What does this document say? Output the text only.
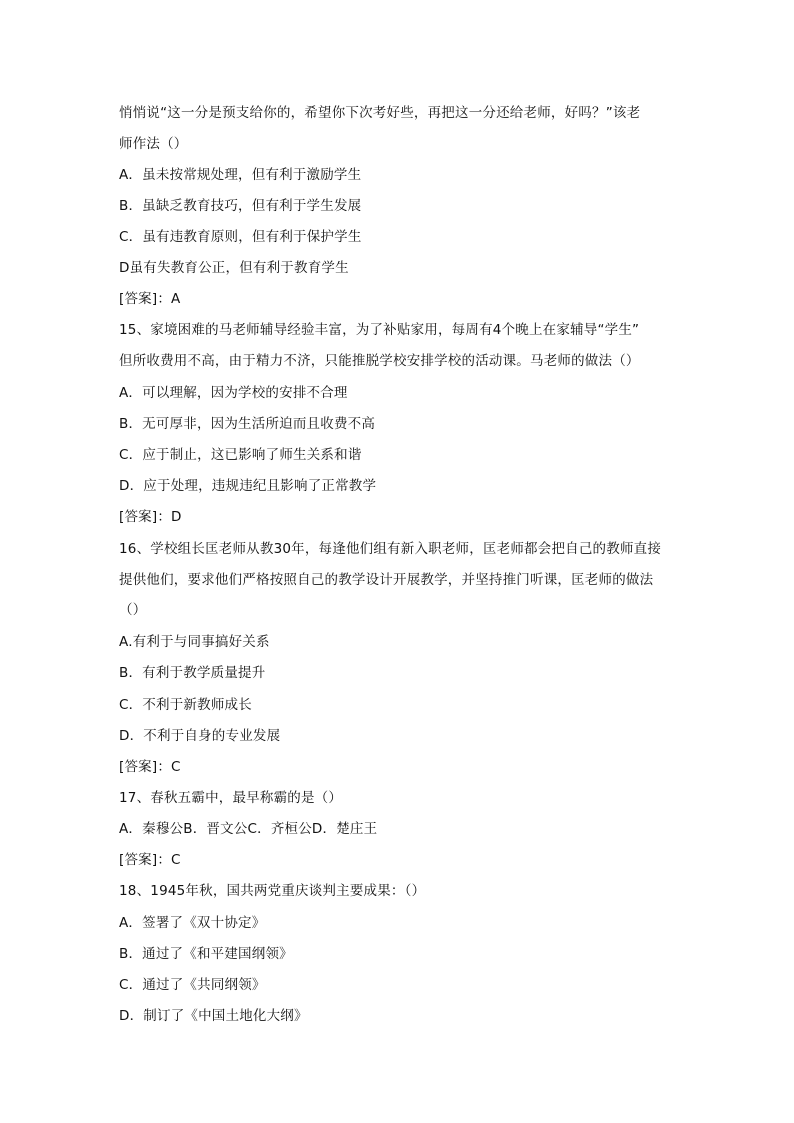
悄悄说“这一分是预支给你的，希望你下次考好些，再把这一分还给老师，好吗？”该老
师作法（）
A．虽未按常规处理，但有利于激励学生
B．虽缺乏教育技巧，但有利于学生发展
C．虽有违教育原则，但有利于保护学生
D虽有失教育公正，但有利于教育学生
[答案]：A
15、家境困难的马老师辅导经验丰富，为了补贴家用，每周有4个晚上在家辅导“学生”
但所收费用不高，由于精力不济，只能推脱学校安排学校的活动课。马老师的做法（）
A．可以理解，因为学校的安排不合理
B．无可厚非，因为生活所迫而且收费不高
C．应于制止，这已影响了师生关系和谐
D．应于处理，违规违纪且影响了正常教学
[答案]：D
16、学校组长匡老师从教30年，每逢他们组有新入职老师，匡老师都会把自己的教师直接
提供他们，要求他们严格按照自己的教学设计开展教学，并坚持推门听课，匡老师的做法
（）
A.有利于与同事搞好关系
B．有利于教学质量提升
C．不利于新教师成长
D．不利于自身的专业发展
[答案]：C
17、春秋五霸中，最早称霸的是（）
A．秦穆公B．晋文公C．齐桓公D．楚庄王
[答案]：C
18、1945年秋，国共两党重庆谈判主要成果：（）
A．签署了《双十协定》
B．通过了《和平建国纲领》
C．通过了《共同纲领》
D．制订了《中国土地化大纲》
